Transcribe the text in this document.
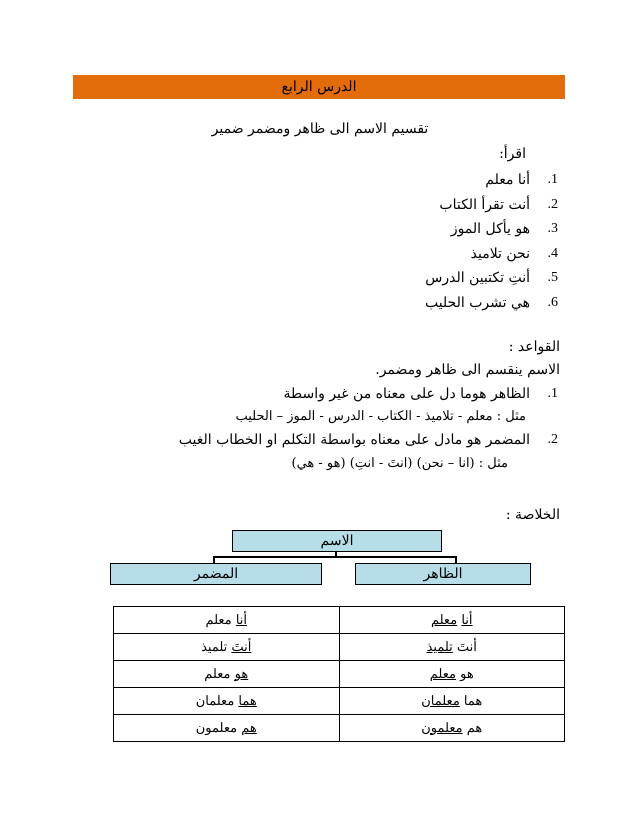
الدرس الرابع
تقسيم الاسم الى ظاهر ومضمر ضمير
اقرأ:
1.
أنا معلم
2.
أنت تقرأ الكتاب
3.
هو يأكل الموز
4.
نحن تلاميذ
5.
أنتِ تكتبين الدرس
6.
هي تشرب الحليب
القواعد :
الاسم ينقسم الى ظاهر ومضمر.
1.
الظاهر هوما دل على معناه من غير واسطة
مثل : معلم - تلاميذ - الكتاب - الدرس - الموز – الحليب
2.
المضمر هو مادل على معناه بواسطة التكلم او الخطاب الغيب
مثل : (انا – نحن) (انتَ - انتِ) (هو - هي)
الخلاصة :
الاسم
الظاهر
المضمر
أنا معلم	أنا معلم
أنتَ تلميذ	أنتَ تلميذ
هو معلم	هو معلم
هما معلمان	هما معلمان
هم معلمون	هم معلمون
